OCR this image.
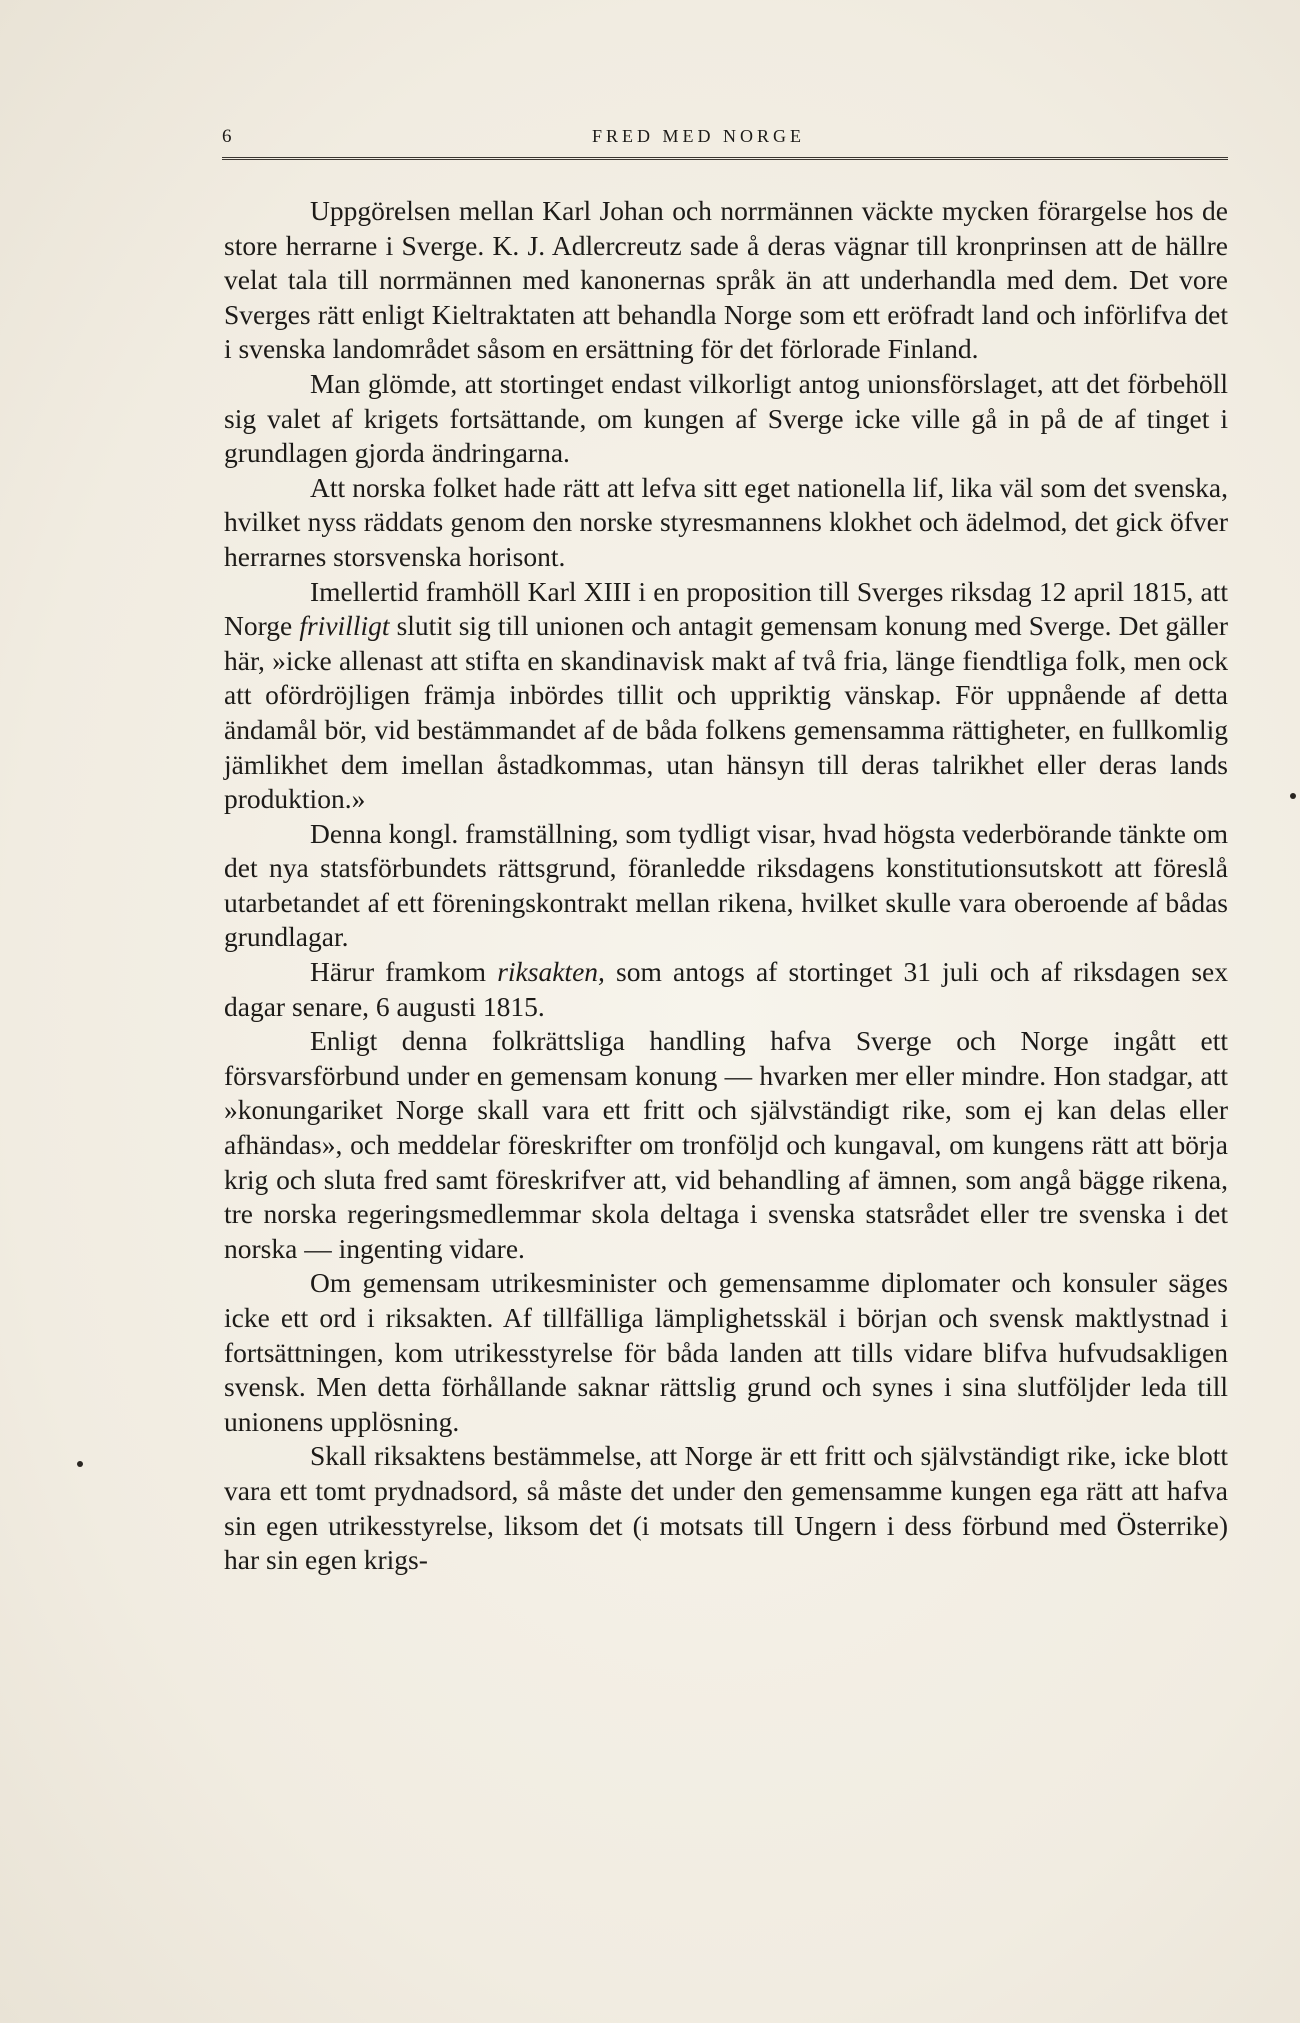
6	FRED MED NORGE

Uppgörelsen mellan Karl Johan och norrmännen väckte mycken förargelse hos de store herrarne i Sverge. K. J. Adlercreutz sade å deras vägnar till kronprinsen att de hällre velat tala till norrmännen med kanonernas språk än att underhandla med dem. Det vore Sverges rätt enligt Kieltraktaten att behandla Norge som ett eröfradt land och införlifva det i svenska landområdet såsom en ersättning för det förlorade Finland.

Man glömde, att stortinget endast vilkorligt antog unionsförslaget, att det förbehöll sig valet af krigets fortsättande, om kungen af Sverge icke ville gå in på de af tinget i grundlagen gjorda ändringarna.

Att norska folket hade rätt att lefva sitt eget nationella lif, lika väl som det svenska, hvilket nyss räddats genom den norske styresmannens klokhet och ädelmod, det gick öfver herrarnes storsvenska horisont.

Imellertid framhöll Karl XIII i en proposition till Sverges riksdag 12 april 1815, att Norge frivilligt slutit sig till unionen och antagit gemensam konung med Sverge. Det gäller här, »icke allenast att stifta en skandinavisk makt af två fria, länge fiendtliga folk, men ock att ofördröjligen främja inbördes tillit och uppriktig vänskap. För uppnående af detta ändamål bör, vid bestämmandet af de båda folkens gemensamma rättigheter, en fullkomlig jämlikhet dem imellan åstadkommas, utan hänsyn till deras talrikhet eller deras lands produktion.»

Denna kongl. framställning, som tydligt visar, hvad högsta vederbörande tänkte om det nya statsförbundets rättsgrund, föranledde riksdagens konstitutionsutskott att föreslå utarbetandet af ett föreningskontrakt mellan rikena, hvilket skulle vara oberoende af bådas grundlagar.

Härur framkom riksakten, som antogs af stortinget 31 juli och af riksdagen sex dagar senare, 6 augusti 1815.

Enligt denna folkrättsliga handling hafva Sverge och Norge ingått ett försvarsförbund under en gemensam konung — hvarken mer eller mindre. Hon stadgar, att »konungariket Norge skall vara ett fritt och självständigt rike, som ej kan delas eller afhändas», och meddelar föreskrifter om tronföljd och kungaval, om kungens rätt att börja krig och sluta fred samt föreskrifver att, vid behandling af ämnen, som angå bägge rikena, tre norska regeringsmedlemmar skola deltaga i svenska statsrådet eller tre svenska i det norska — ingenting vidare.

Om gemensam utrikesminister och gemensamme diplomater och konsuler säges icke ett ord i riksakten. Af tillfälliga lämplighetsskäl i början och svensk maktlystnad i fortsättningen, kom utrikesstyrelse för båda landen att tills vidare blifva hufvudsakligen svensk. Men detta förhållande saknar rättslig grund och synes i sina slutföljder leda till unionens upplösning.

Skall riksaktens bestämmelse, att Norge är ett fritt och självständigt rike, icke blott vara ett tomt prydnadsord, så måste det under den gemensamme kungen ega rätt att hafva sin egen utrikesstyrelse, liksom det (i motsats till Ungern i dess förbund med Österrike) har sin egen krigs-
